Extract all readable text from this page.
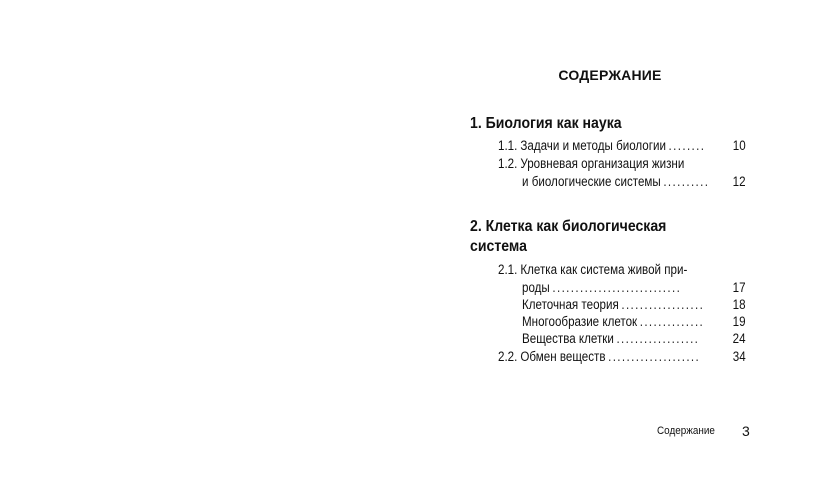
СОДЕРЖАНИЕ
1. Биология как наука
1.1. Задачи и методы биологии ........	10
1.2. Уровневая организация жизни
и биологические системы ..........	12
2. Клетка как биологическая
система
2.1. Клетка как система живой при-
роды ............................	17
Клеточная теория ..................	18
Многообразие клеток ..............	19
Вещества клетки ..................	24
2.2. Обмен веществ ....................	34
Содержание 3
